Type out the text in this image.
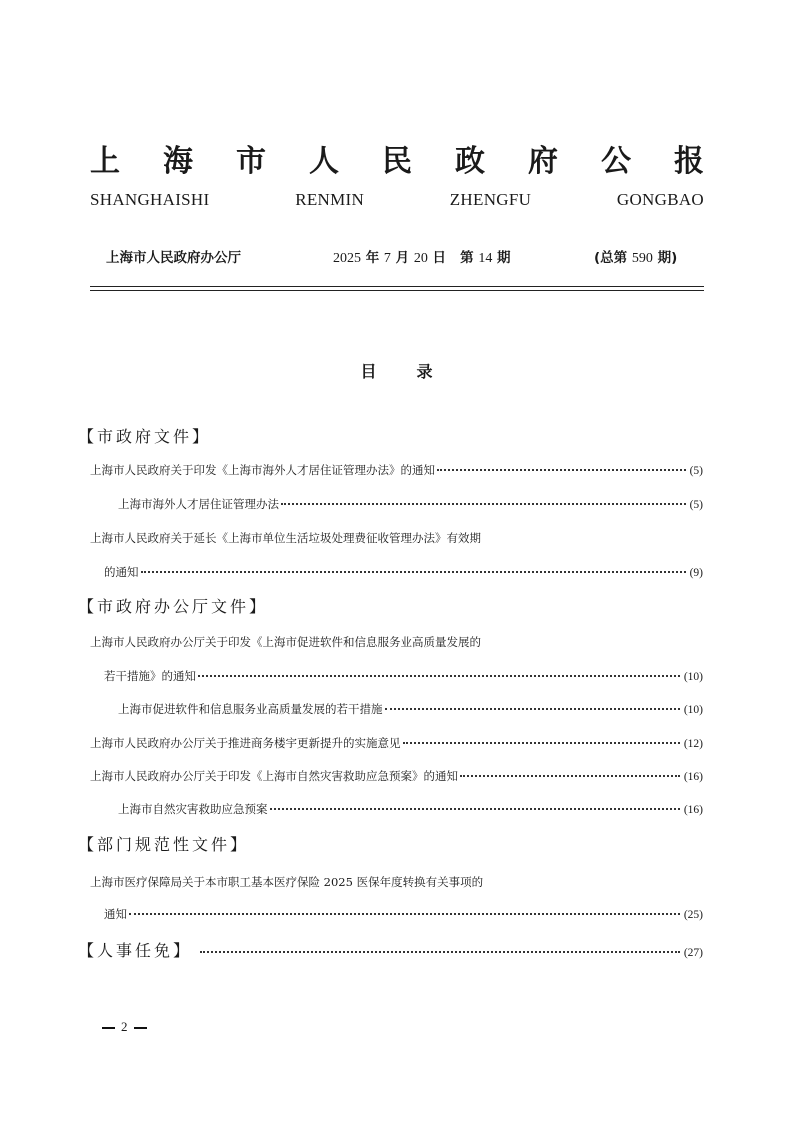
上 海 市 人 民 政 府 公 报
SHANGHAISHI	RENMIN	ZHENGFU	GONGBAO
上海市人民政府办公厅	2025 年 7 月 20 日 第 14 期	(总第 590 期)
目录
【市政府文件】
上海市人民政府关于印发《上海市海外人才居住证管理办法》的通知	(5)
上海市海外人才居住证管理办法	(5)
上海市人民政府关于延长《上海市单位生活垃圾处理费征收管理办法》有效期
的通知	(9)
【市政府办公厅文件】
上海市人民政府办公厅关于印发《上海市促进软件和信息服务业高质量发展的
若干措施》的通知	(10)
上海市促进软件和信息服务业高质量发展的若干措施	(10)
上海市人民政府办公厅关于推进商务楼宇更新提升的实施意见	(12)
上海市人民政府办公厅关于印发《上海市自然灾害救助应急预案》的通知	(16)
上海市自然灾害救助应急预案	(16)
【部门规范性文件】
上海市医疗保障局关于本市职工基本医疗保险 2025 医保年度转换有关事项的
通知	(25)
【人事任免】	(27)
2
